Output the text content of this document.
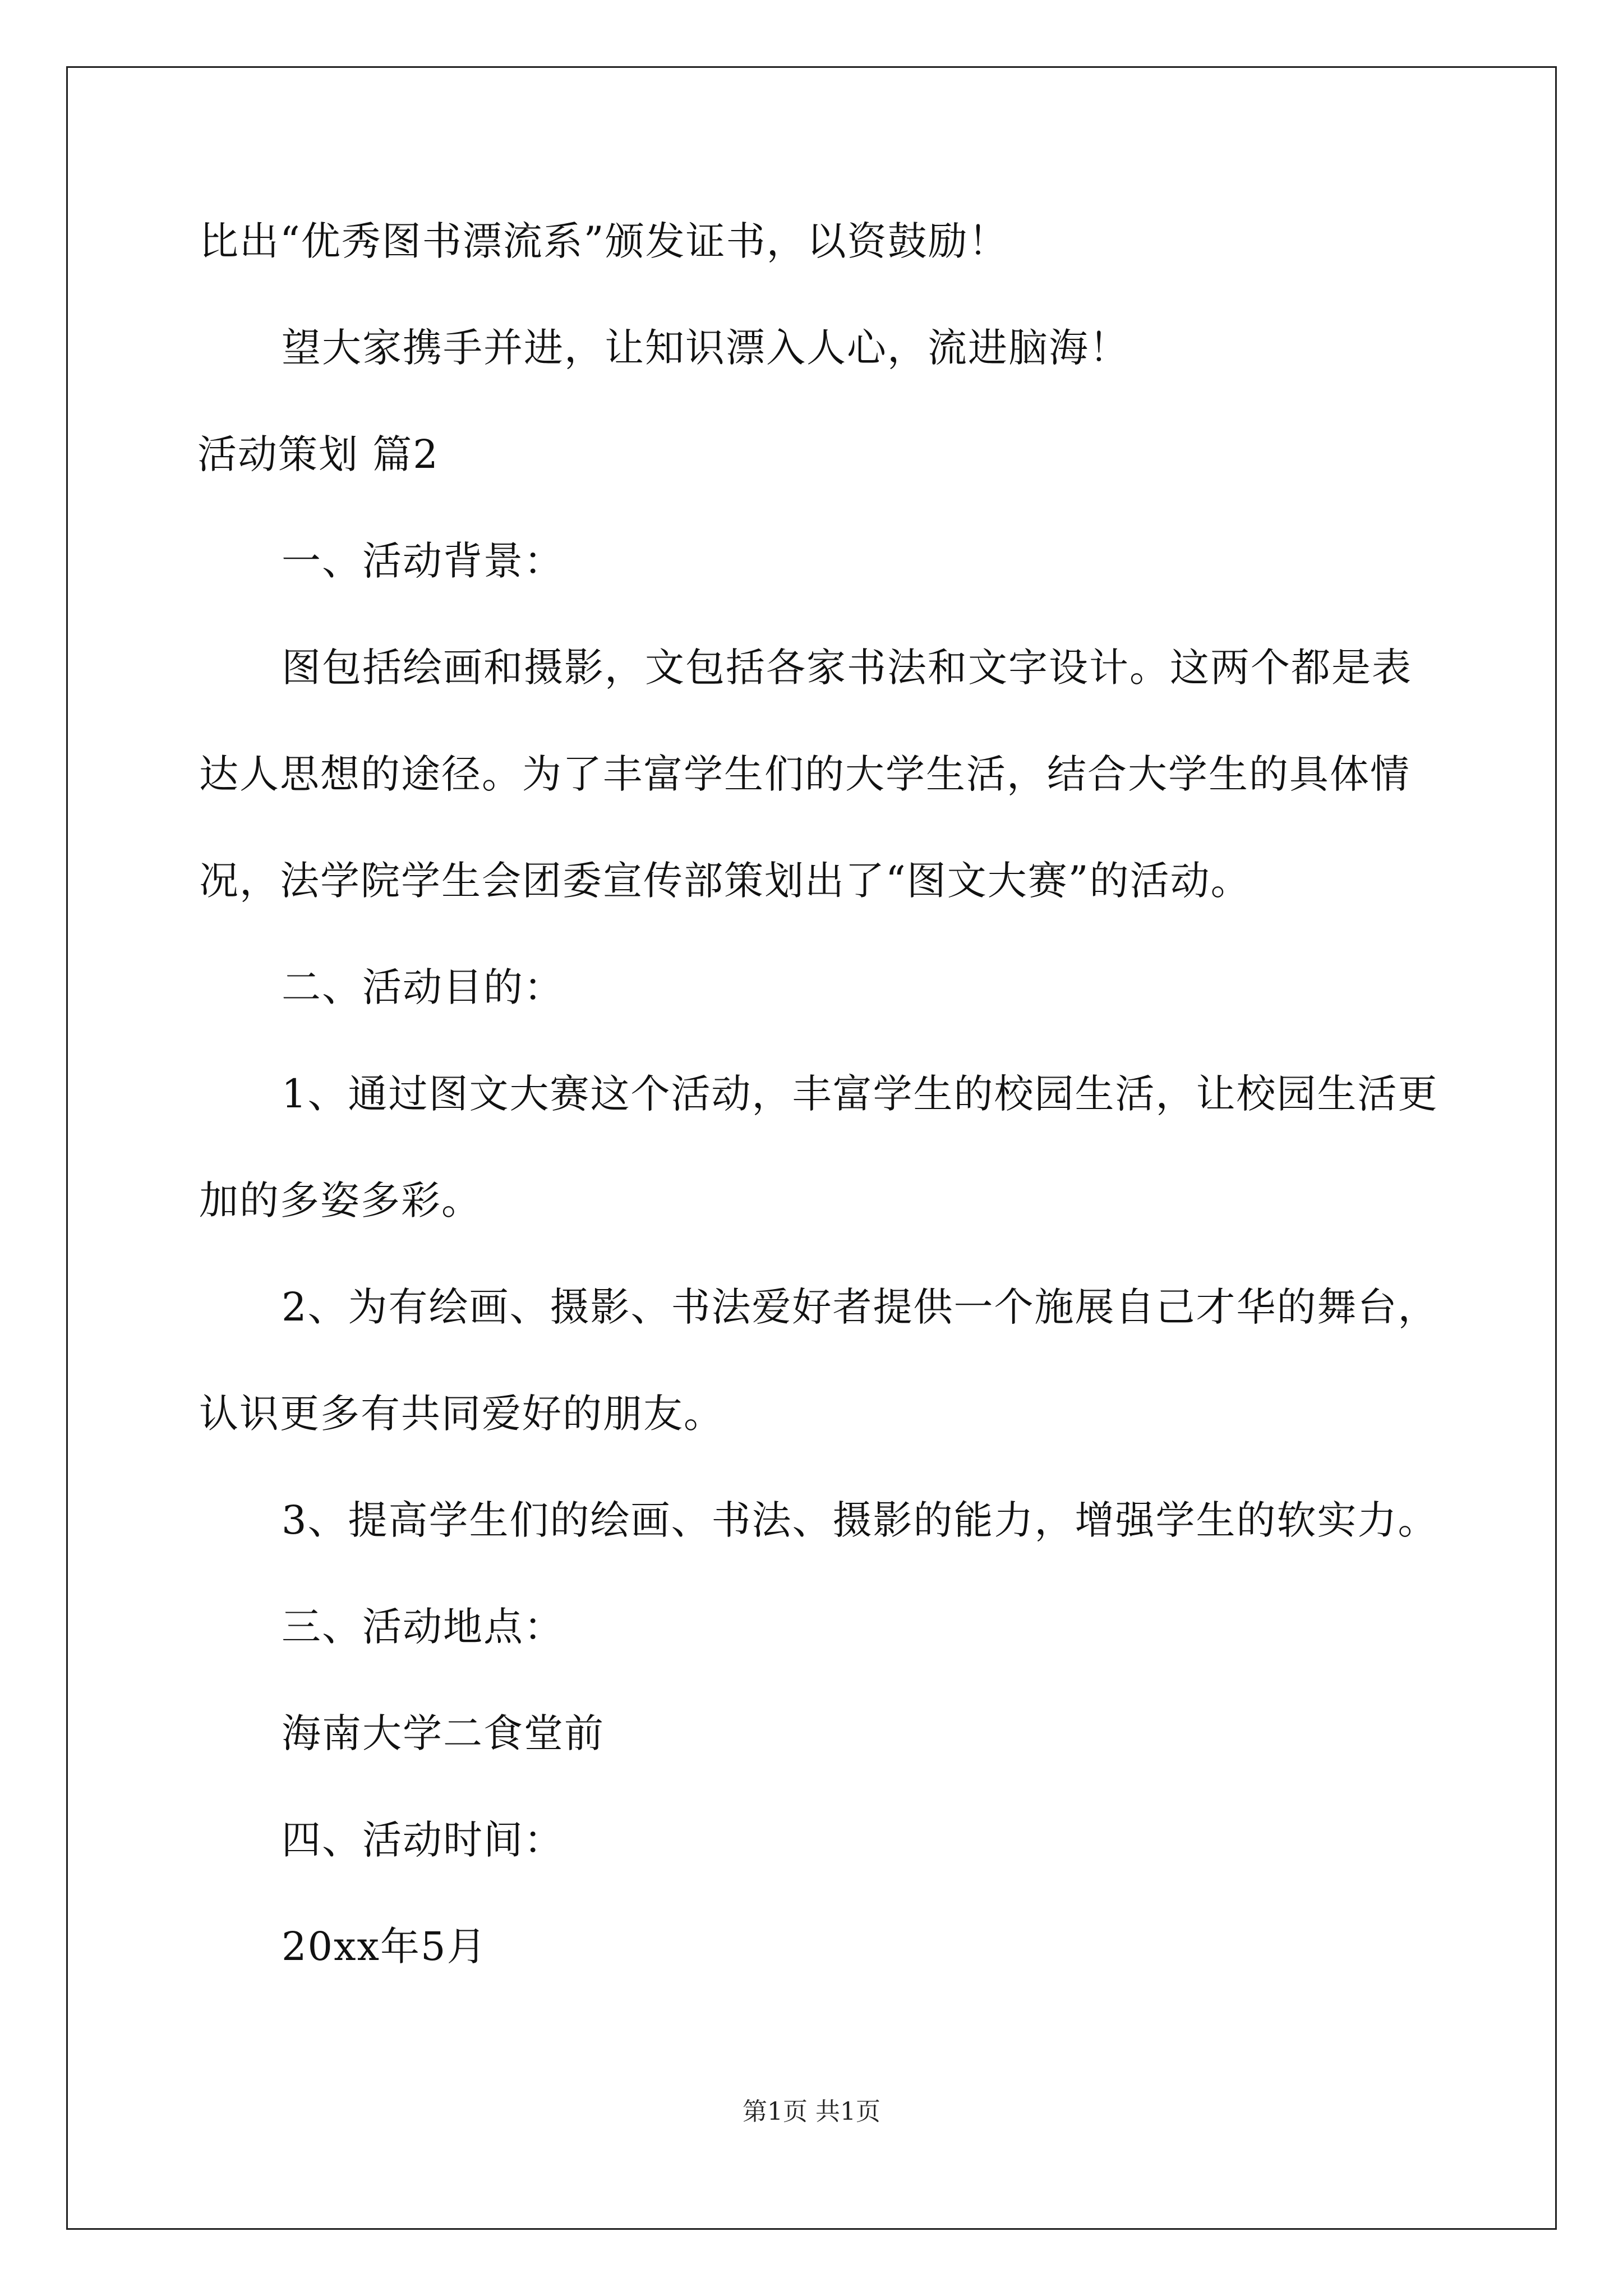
比出“优秀图书漂流系”颁发证书，以资鼓励！
望大家携手并进，让知识漂入人心，流进脑海！
活动策划 篇2
一、活动背景：
图包括绘画和摄影，文包括各家书法和文字设计。这两个都是表
达人思想的途径。为了丰富学生们的大学生活，结合大学生的具体情
况，法学院学生会团委宣传部策划出了“图文大赛”的活动。
二、活动目的：
1、通过图文大赛这个活动，丰富学生的校园生活，让校园生活更
加的多姿多彩。
2、为有绘画、摄影、书法爱好者提供一个施展自己才华的舞台，
认识更多有共同爱好的朋友。
3、提高学生们的绘画、书法、摄影的能力，增强学生的软实力。
三、活动地点：
海南大学二食堂前
四、活动时间：
20xx年5月
第1页 共1页
